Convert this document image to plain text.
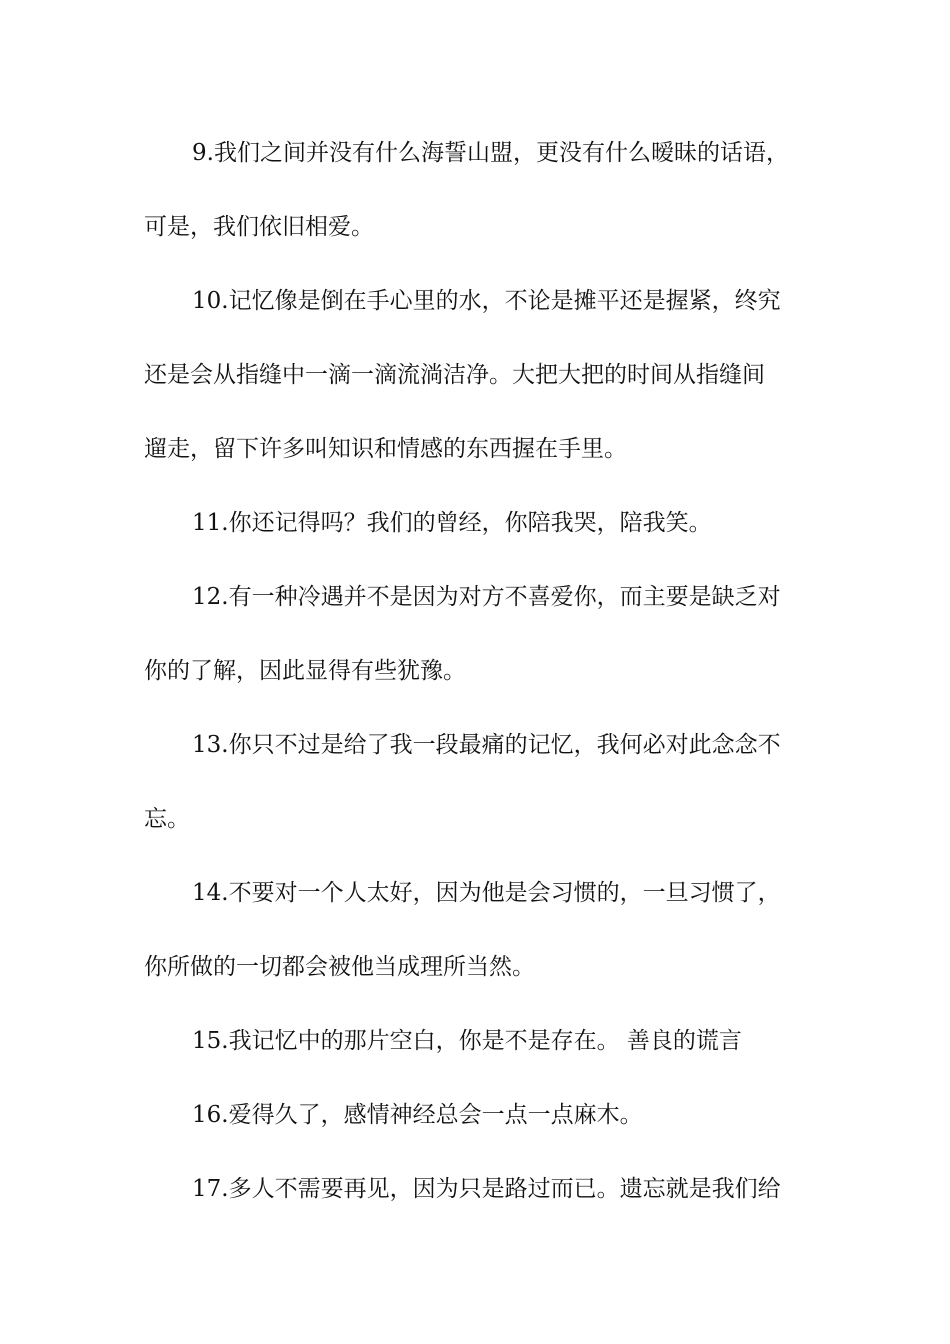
9.我们之间并没有什么海誓山盟，更没有什么暧昧的话语，
可是，我们依旧相爱。
10.记忆像是倒在手心里的水，不论是摊平还是握紧，终究
还是会从指缝中一滴一滴流淌洁净。大把大把的时间从指缝间
遛走，留下许多叫知识和情感的东西握在手里。
11.你还记得吗？我们的曾经，你陪我哭，陪我笑。
12.有一种冷遇并不是因为对方不喜爱你，而主要是缺乏对
你的了解，因此显得有些犹豫。
13.你只不过是给了我一段最痛的记忆，我何必对此念念不
忘。
14.不要对一个人太好，因为他是会习惯的，一旦习惯了，
你所做的一切都会被他当成理所当然。
15.我记忆中的那片空白，你是不是存在。 善良的谎言
16.爱得久了，感情神经总会一点一点麻木。
17.多人不需要再见，因为只是路过而已。遗忘就是我们给
